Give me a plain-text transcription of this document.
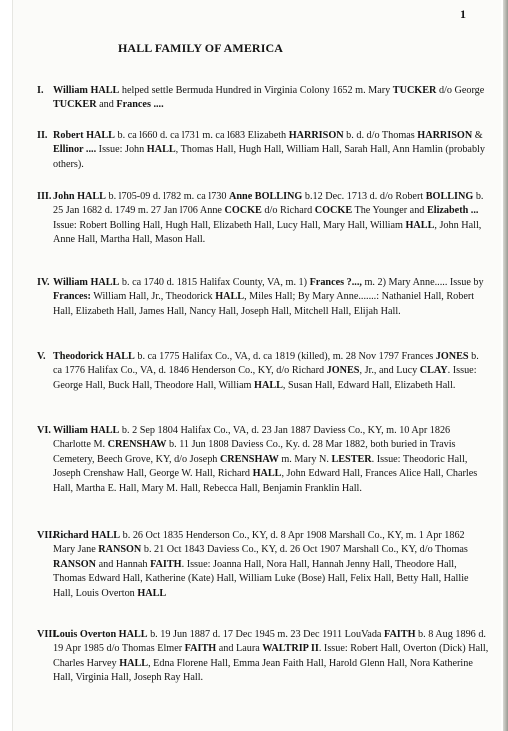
1
HALL FAMILY OF AMERICA
I. William HALL helped settle Bermuda Hundred in Virginia Colony 1652 m. Mary TUCKER d/o George TUCKER and Frances ....
II. Robert HALL b. ca l660 d. ca l731 m. ca l683 Elizabeth HARRISON b. d. d/o Thomas HARRISON & Ellinor .... Issue: John HALL, Thomas Hall, Hugh Hall, William Hall, Sarah Hall, Ann Hamlin (probably others).
III. John HALL b. l705-09 d. l782 m. ca l730 Anne BOLLING b.12 Dec. 1713 d. d/o Robert BOLLING b. 25 Jan 1682 d. 1749 m. 27 Jan l706 Anne COCKE d/o Richard COCKE The Younger and Elizabeth ... Issue: Robert Bolling Hall, Hugh Hall, Elizabeth Hall, Lucy Hall, Mary Hall, William HALL, John Hall, Anne Hall, Martha Hall, Mason Hall.
IV. William HALL b. ca 1740 d. 1815 Halifax County, VA, m. 1) Frances ?..., m. 2) Mary Anne..... Issue by Frances: William Hall, Jr., Theodorick HALL, Miles Hall; By Mary Anne.......: Nathaniel Hall, Robert Hall, Elizabeth Hall, James Hall, Nancy Hall, Joseph Hall, Mitchell Hall, Elijah Hall.
V. Theodorick HALL b. ca 1775 Halifax Co., VA, d. ca 1819 (killed), m. 28 Nov 1797 Frances JONES b. ca 1776 Halifax Co., VA, d. 1846 Henderson Co., KY, d/o Richard JONES, Jr., and Lucy CLAY. Issue: George Hall, Buck Hall, Theodore Hall, William HALL, Susan Hall, Edward Hall, Elizabeth Hall.
VI. William HALL b. 2 Sep 1804 Halifax Co., VA, d. 23 Jan 1887 Daviess Co., KY, m. 10 Apr 1826 Charlotte M. CRENSHAW b. 11 Jun 1808 Daviess Co., Ky. d. 28 Mar 1882, both buried in Travis Cemetery, Beech Grove, KY, d/o Joseph CRENSHAW m. Mary N. LESTER. Issue: Theodoric Hall, Joseph Crenshaw Hall, George W. Hall, Richard HALL, John Edward Hall, Frances Alice Hall, Charles Hall, Martha E. Hall, Mary M. Hall, Rebecca Hall, Benjamin Franklin Hall.
VII.
Richard HALL b. 26 Oct 1835 Henderson Co., KY, d. 8 Apr 1908 Marshall Co., KY, m. 1 Apr 1862 Mary Jane RANSON b. 21 Oct 1843 Daviess Co., KY, d. 26 Oct 1907 Marshall Co., KY, d/o Thomas RANSON and Hannah FAITH. Issue: Joanna Hall, Nora Hall, Hannah Jenny Hall, Theodore Hall, Thomas Edward Hall, Katherine (Kate) Hall, William Luke (Bose) Hall, Felix Hall, Betty Hall, Hallie Hall, Louis Overton HALL
VIII.
Louis Overton HALL b. 19 Jun 1887 d. 17 Dec 1945 m. 23 Dec 1911 LouVada FAITH b. 8 Aug 1896 d. 19 Apr 1985 d/o Thomas Elmer FAITH and Laura WALTRIP II. Issue: Robert Hall, Overton (Dick) Hall, Charles Harvey HALL, Edna Florene Hall, Emma Jean Faith Hall, Harold Glenn Hall, Nora Katherine Hall, Virginia Hall, Joseph Ray Hall.
